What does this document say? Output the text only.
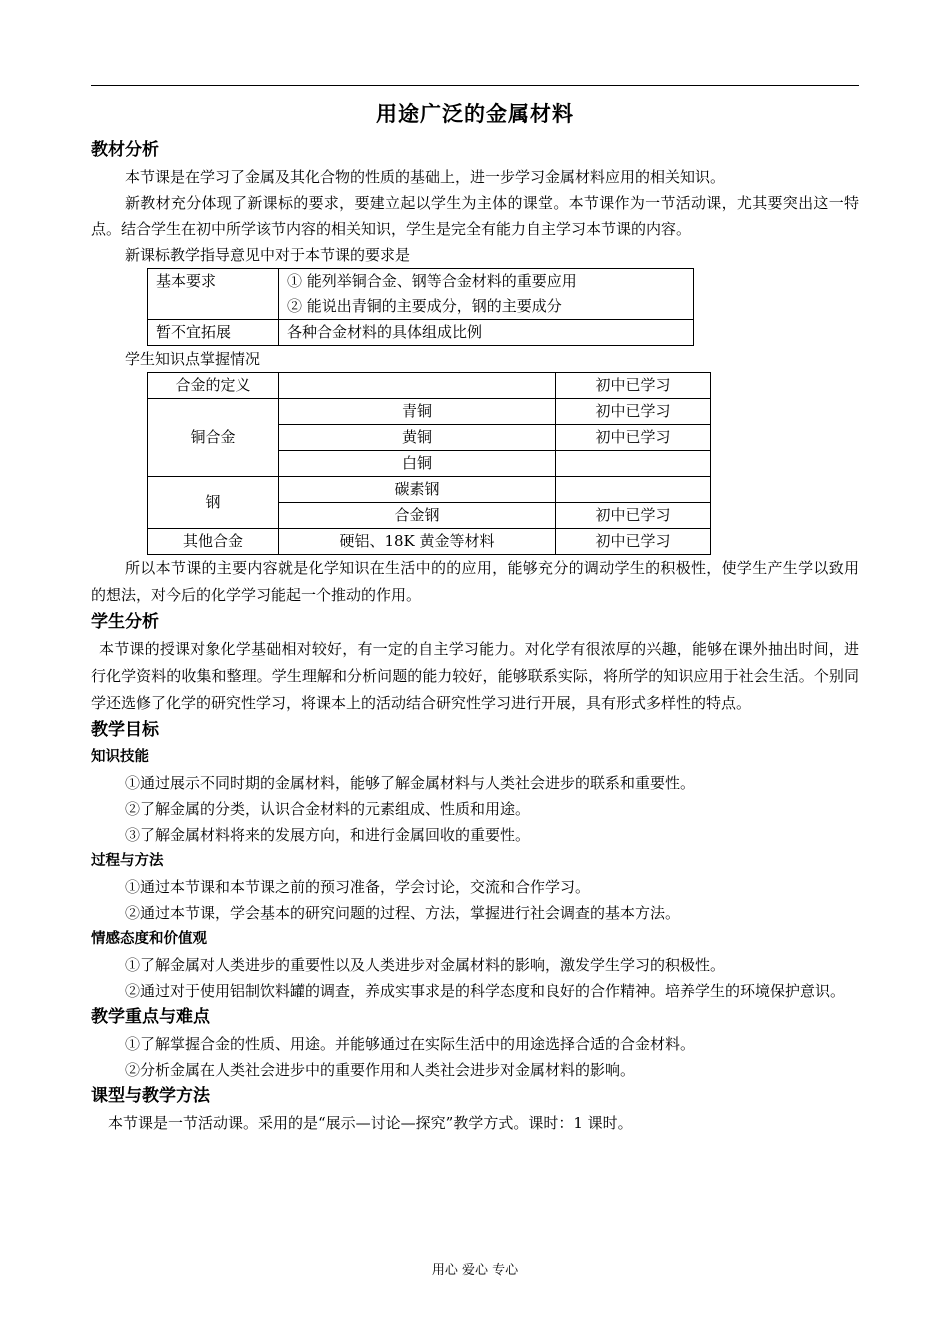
用途广泛的金属材料
教材分析

本节课是在学习了金属及其化合物的性质的基础上，进一步学习金属材料应用的相关知识。

新教材充分体现了新课标的要求，要建立起以学生为主体的课堂。本节课作为一节活动课，尤其要突出这一特点。结合学生在初中所学该节内容的相关知识，学生是完全有能力自主学习本节课的内容。

新课标教学指导意见中对于本节课的要求是

基本要求	① 能列举铜合金、钢等合金材料的重要应用
② 能说出青铜的主要成分，钢的主要成分

暂不宜拓展	各种合金材料的具体组成比例

学生知识点掌握情况

合金的定义		初中已学习
铜合金	青铜	初中已学习
	黄铜	初中已学习
	白铜	
钢	碳素钢	
	合金钢	初中已学习
其他合金	硬铝、18K 黄金等材料	初中已学习

所以本节课的主要内容就是化学知识在生活中的的应用，能够充分的调动学生的积极性，使学生产生学以致用的想法，对今后的化学学习能起一个推动的作用。

学生分析

本节课的授课对象化学基础相对较好，有一定的自主学习能力。对化学有很浓厚的兴趣，能够在课外抽出时间，进行化学资料的收集和整理。学生理解和分析问题的能力较好，能够联系实际，将所学的知识应用于社会生活。个别同学还选修了化学的研究性学习，将课本上的活动结合研究性学习进行开展，具有形式多样性的特点。

教学目标
知识技能
①通过展示不同时期的金属材料，能够了解金属材料与人类社会进步的联系和重要性。
②了解金属的分类，认识合金材料的元素组成、性质和用途。
③了解金属材料将来的发展方向，和进行金属回收的重要性。
过程与方法
①通过本节课和本节课之前的预习准备，学会讨论，交流和合作学习。
②通过本节课，学会基本的研究问题的过程、方法，掌握进行社会调查的基本方法。
情感态度和价值观
①了解金属对人类进步的重要性以及人类进步对金属材料的影响，激发学生学习的积极性。
②通过对于使用铝制饮料罐的调查，养成实事求是的科学态度和良好的合作精神。培养学生的环境保护意识。
教学重点与难点
①了解掌握合金的性质、用途。并能够通过在实际生活中的用途选择合适的合金材料。
②分析金属在人类社会进步中的重要作用和人类社会进步对金属材料的影响。
课型与教学方法

本节课是一节活动课。采用的是“展示—讨论—探究”教学方式。课时：1 课时。

用心 爱心 专心
